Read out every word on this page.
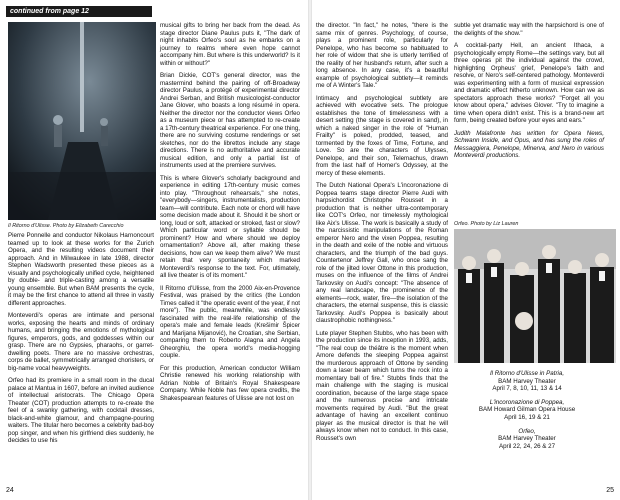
continued from page 12
Il Ritorno d'Ulisse. Photo by Elizabeth Carecchio

Pierre Ponnelle and conductor Nikolaus Harnoncourt teamed up to look at these works for the Zurich Opera, and the resulting videos document their approach. And in Milwaukee in late 1988, director Stephen Wadsworth presented these pieces as a visually and psychologically unified cycle, heightened by double- and triple-casting among a versatile young ensemble. But when BAM presents the cycle, it may be the first chance to attend all three in vastly different approaches.

Monteverdi's operas are intimate and personal works, exposing the hearts and minds of ordinary humans, and bringing the emotions of mythological figures, emperors, gods, and goddesses within our grasp. There are no Gypsies, pharaohs, or garret-dwelling poets. There are no massive orchestras, corps de ballet, symmetrically arranged choristers, or big-name vocal heavyweights.

Orfeo had its premiere in a small room in the ducal palace at Mantua in 1607, before an invited audience of intellectual aristocrats. The Chicago Opera Theater (COT) production attempts to re-create the feel of a swanky gathering, with cocktail dresses, black-and-white glamour, and champagne-pouring waiters. The titular hero becomes a celebrity bad-boy pop singer, and when his girlfriend dies suddenly, he decides to use his

musical gifts to bring her back from the dead. As stage director Diane Paulus puts it, "The dark of night inhabits Orfeo's soul as he embarks on a journey to realms where even hope cannot accompany him. But where is this underworld? Is it within or without?"

Brian Dickie, COT's general director, was the mastermind behind the pairing of off-Broadway director Paulus, a protégé of experimental director Andrei Serban, and British musicologist-conductor Jane Glover, who boasts a long résumé in opera. Neither the director nor the conductor views Orfeo as a museum piece or has attempted to re-create a 17th-century theatrical experience. For one thing, there are no surviving costume renderings or set sketches, nor do the librettos include any stage directions. There is no authoritative and accurate musical edition, and only a partial list of instruments used at the premiere survives.

This is where Glover's scholarly background and experience in editing 17th-century music comes into play. "Throughout rehearsals," she notes, "everybody—singers, instrumentalists, production team—will contribute. Each note or chord will have some decision made about it. Should it be short or long, loud or soft, attacked or stroked, fast or slow? Which particular word or syllable should be prominent? How and where should we deploy ornamentation? Above all, after making these decisions, how can we keep them alive? We must retain that very spontaneity which marked Monteverdi's response to the text. For, ultimately, all live theater is of its moment."

Il Ritorno d'Ulisse, from the 2000 Aix-en-Provence Festival, was praised by the critics (the London Times called it "the operatic event of the year, if not more"). The public, meanwhile, was endlessly fascinated with the real-life relationship of the opera's male and female leads (Krešimir Špicer and Marijana Mijanović), he Croatian, she Serbian, comparing them to Roberto Alagna and Angela Gheorghiu, the opera world's media-hogging couple.

For this production, American conductor William Christie renewed his working relationship with Adrian Noble of Britain's Royal Shakespeare Company. While Noble has few opera credits, the Shakespearean features of Ulisse are not lost on

24

the director. "In fact," he notes, "there is the same mix of genres. Psychology, of course, plays a prominent role, particularly for Penelope, who has become so habituated to her role of widow that she is utterly terrified of the reality of her husband's return, after such a long absence. In any case, it's a beautiful example of psychological subtlety—it reminds me of A Winter's Tale."

Intimacy and psychological subtlety are achieved with evocative sets. The prologue establishes the tone of timelessness with a desert setting (the stage is covered in sand), in which a naked singer in the role of "Human Frailty" is poked, prodded, teased, and tormented by the foxes of Time, Fortune, and Love. So are the characters of Ulysses, Penelope, and their son, Telemachus, drawn from the last half of Homer's Odyssey, at the mercy of these elements.

The Dutch National Opera's L'incoronazione di Poppea teams stage director Pierre Audi with harpsichordist Christophe Rousset in a production that is neither ultra-contemporary like COT's Orfeo, nor timelessly mythological like Aix's Ulisse. The work is basically a study of the narcissistic manipulations of the Roman emperor Nero and the vixen Poppea, resulting in the death and exile of the noble and virtuous characters, and the triumph of the bad guys. Countertenor Jeffrey Gall, who once sang the role of the jilted lover Ottone in this production, muses on the influence of the films of Andrei Tarkovsky on Audi's concept: "The absence of any real landscape, the prominence of the elements—rock, water, fire—the isolation of the characters, the eternal suspense, this is classic Tarkovsky. Audi's Poppea is basically about claustrophobic nothingness."

Lute player Stephen Stubbs, who has been with the production since its inception in 1993, adds, "The real coup de théâtre is the moment when Amore defends the sleeping Poppea against the murderous approach of Ottone by sending down a laser beam which turns the rock into a momentary ball of fire." Stubbs finds that the main challenge with the staging is musical coordination, because of the large stage space and the numerous precise and intricate movements required by Audi. "But the great advantage of having an excellent continuo player as the musical director is that he will always know when not to conduct. In this case, Rousset's own

subtle yet dramatic way with the harpsichord is one of the delights of the show."

A cocktail-party Hell, an ancient Ithaca, a psychologically empty Rome—the settings vary, but all three operas pit the individual against the crowd, highlighting Orpheus' grief, Penelope's faith and resolve, or Nero's self-centered pathology. Monteverdi was experimenting with a form of musical expression and dramatic effect hitherto unknown. How can we as spectators approach these works? "Forget all you know about opera," advises Glover. "Try to imagine a time when opera didn't exist. This is a brand-new art form, being created before your eyes and ears."

Judith Malafronte has written for Opera News, Schwann Inside, and Opus, and has sung the roles of Messaggiera, Penelope, Minerva, and Nero in various Monteverdi productions.

Orfeo. Photo by Liz Lauren
Il Ritorno d'Ulisse in Patria,
BAM Harvey Theater
April 7, 8, 10, 11, 13 & 14
L'incoronazione di Poppea,
BAM Howard Gilman Opera House
April 16, 19 & 21
Orfeo,
BAM Harvey Theater
April 22, 24, 26 & 27
25
